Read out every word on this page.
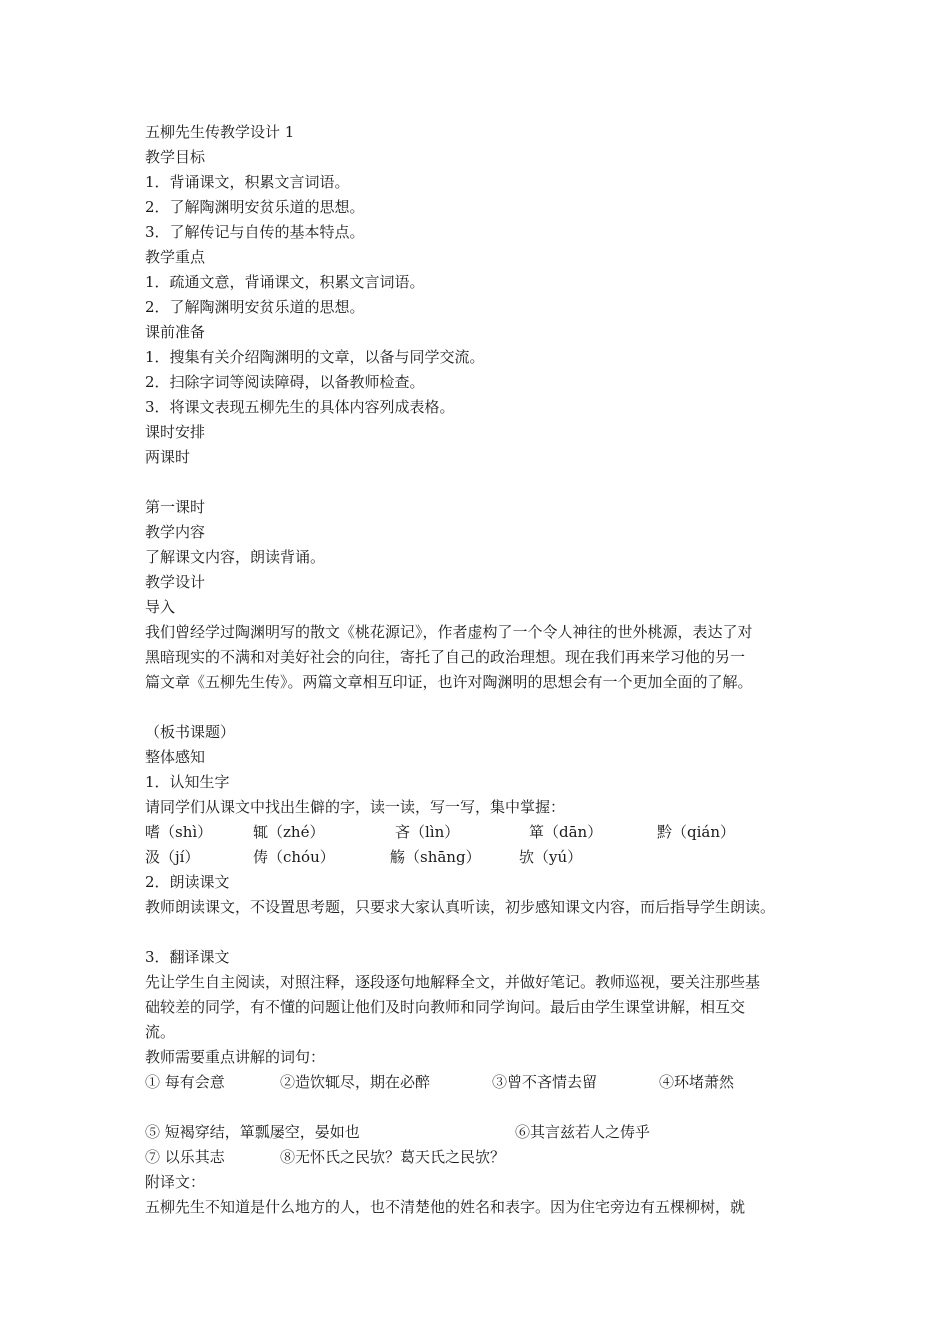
五柳先生传教学设计 1
教学目标
1．背诵课文，积累文言词语。
2．了解陶渊明安贫乐道的思想。
3．了解传记与自传的基本特点。
教学重点
1．疏通文意，背诵课文，积累文言词语。
2．了解陶渊明安贫乐道的思想。
课前准备
1．搜集有关介绍陶渊明的文章，以备与同学交流。
2．扫除字词等阅读障碍，以备教师检查。
3．将课文表现五柳先生的具体内容列成表格。
课时安排
两课时
第一课时
教学内容
了解课文内容，朗读背诵。
教学设计
导入
我们曾经学过陶渊明写的散文《桃花源记》，作者虚构了一个令人神往的世外桃源，表达了对
黑暗现实的不满和对美好社会的向往，寄托了自己的政治理想。现在我们再来学习他的另一
篇文章《五柳先生传》。两篇文章相互印证，也许对陶渊明的思想会有一个更加全面的了解。
（板书课题）
整体感知
1．认知生字
请同学们从课文中找出生僻的字，读一读，写一写，集中掌握：
嗜（shì）	辄（zhé）	吝（lìn）	箪（dān）	黔（qián）
汲（jí）	俦（chóu）	觞（shāng）	欤（yú）
2．朗读课文
教师朗读课文，不设置思考题，只要求大家认真听读，初步感知课文内容，而后指导学生朗读。
3．翻译课文
先让学生自主阅读，对照注释，逐段逐句地解释全文，并做好笔记。教师巡视，要关注那些基
础较差的同学，有不懂的问题让他们及时向教师和同学询问。最后由学生课堂讲解，相互交
流。
教师需要重点讲解的词句：
① 每有会意	②造饮辄尽，期在必醉	③曾不吝情去留	④环堵萧然
⑤ 短褐穿结，箪瓢屡空，晏如也	⑥其言兹若人之俦乎
⑦ 以乐其志	⑧无怀氏之民欤？葛天氏之民欤？
附译文：
五柳先生不知道是什么地方的人，也不清楚他的姓名和表字。因为住宅旁边有五棵柳树，就
